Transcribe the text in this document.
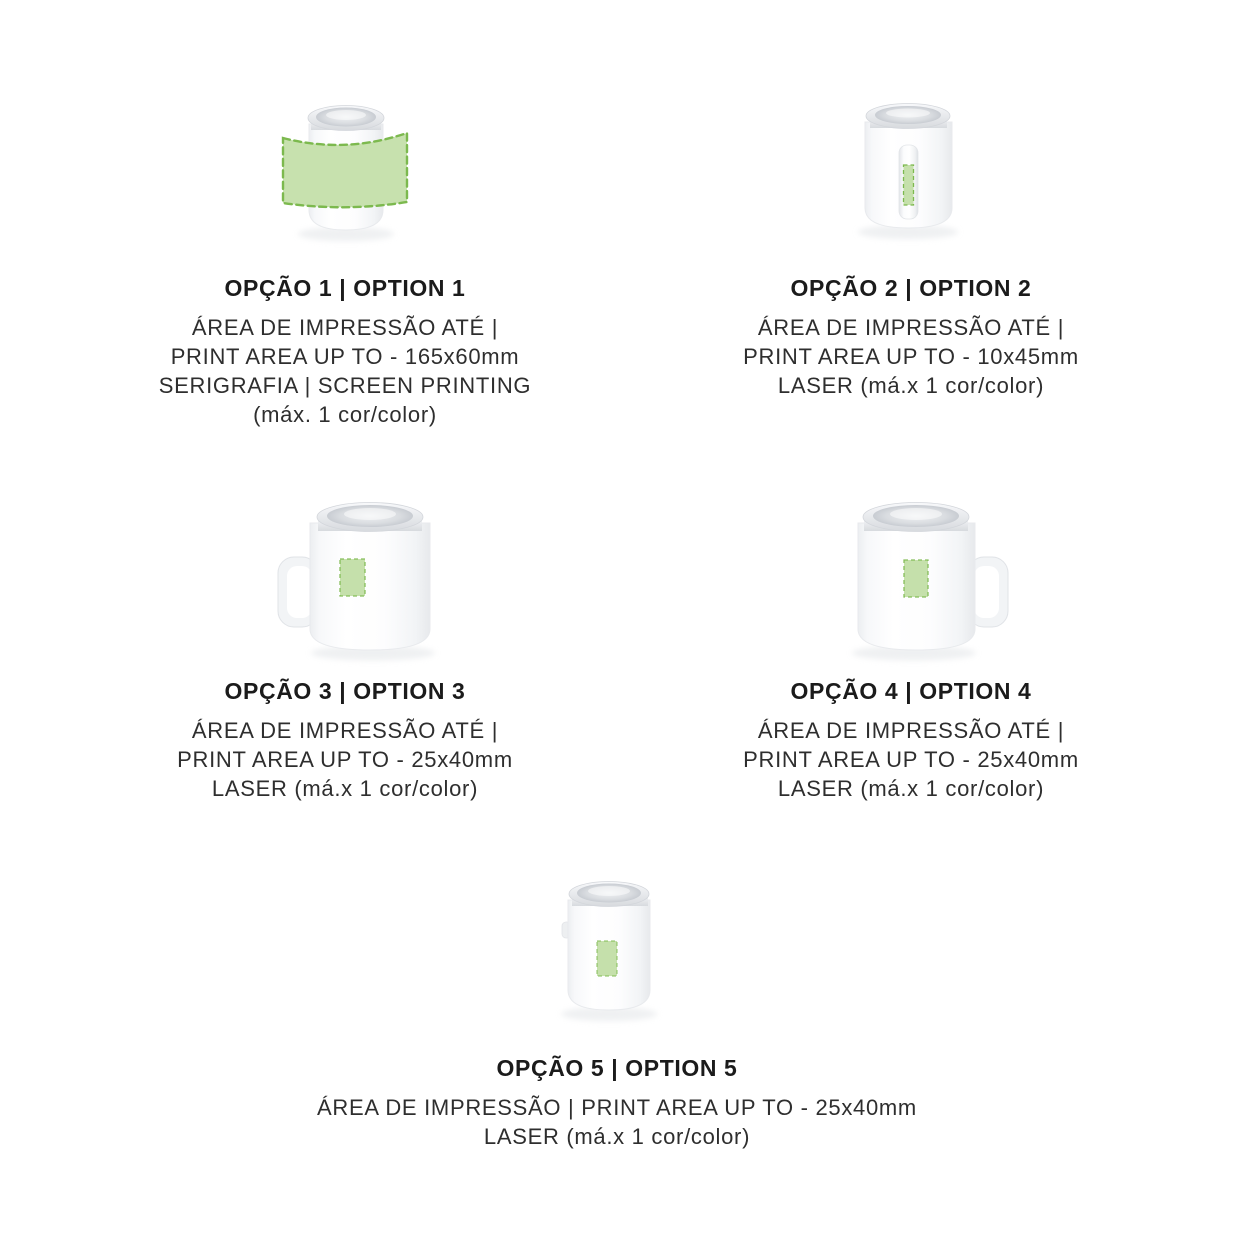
OPÇÃO 1 | OPTION 1

ÁREA DE IMPRESSÃO ATÉ |
PRINT AREA UP TO - 165x60mm
SERIGRAFIA | SCREEN PRINTING
(máx. 1 cor/color)

OPÇÃO 2 | OPTION 2

ÁREA DE IMPRESSÃO ATÉ |
PRINT AREA UP TO - 10x45mm
LASER (má.x 1 cor/color)

OPÇÃO 3 | OPTION 3

ÁREA DE IMPRESSÃO ATÉ |
PRINT AREA UP TO - 25x40mm
LASER (má.x 1 cor/color)

OPÇÃO 4 | OPTION 4

ÁREA DE IMPRESSÃO ATÉ |
PRINT AREA UP TO - 25x40mm
LASER (má.x 1 cor/color)

OPÇÃO 5 | OPTION 5

ÁREA DE IMPRESSÃO | PRINT AREA UP TO - 25x40mm
LASER (má.x 1 cor/color)
